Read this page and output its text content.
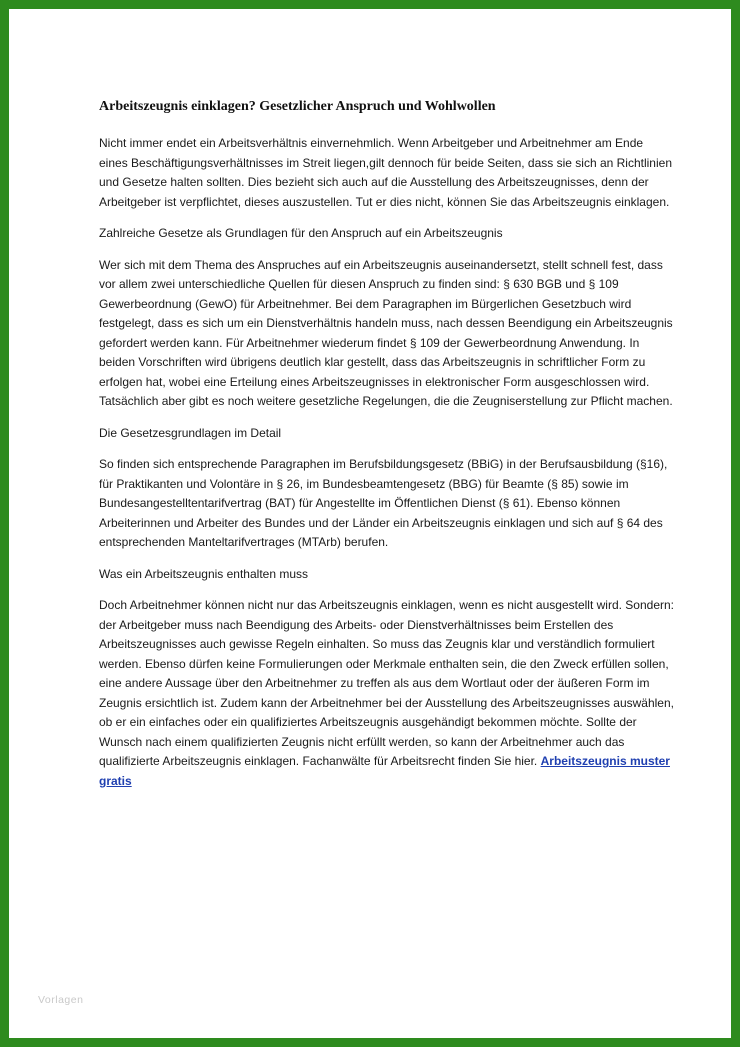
Arbeitszeugnis einklagen? Gesetzlicher Anspruch und Wohlwollen

Nicht immer endet ein Arbeitsverhältnis einvernehmlich. Wenn Arbeitgeber und Arbeitnehmer am Ende eines Beschäftigungsverhältnisses im Streit liegen,gilt dennoch für beide Seiten, dass sie sich an Richtlinien und Gesetze halten sollten. Dies bezieht sich auch auf die Ausstellung des Arbeitszeugnisses, denn der Arbeitgeber ist verpflichtet, dieses auszustellen. Tut er dies nicht, können Sie das Arbeitszeugnis einklagen.

Zahlreiche Gesetze als Grundlagen für den Anspruch auf ein Arbeitszeugnis

Wer sich mit dem Thema des Anspruches auf ein Arbeitszeugnis auseinandersetzt, stellt schnell fest, dass vor allem zwei unterschiedliche Quellen für diesen Anspruch zu finden sind: § 630 BGB und § 109 Gewerbeordnung (GewO) für Arbeitnehmer. Bei dem Paragraphen im Bürgerlichen Gesetzbuch wird festgelegt, dass es sich um ein Dienstverhältnis handeln muss, nach dessen Beendigung ein Arbeitszeugnis gefordert werden kann. Für Arbeitnehmer wiederum findet § 109 der Gewerbeordnung Anwendung. In beiden Vorschriften wird übrigens deutlich klar gestellt, dass das Arbeitszeugnis in schriftlicher Form zu erfolgen hat, wobei eine Erteilung eines Arbeitszeugnisses in elektronischer Form ausgeschlossen wird. Tatsächlich aber gibt es noch weitere gesetzliche Regelungen, die die Zeugniserstellung zur Pflicht machen.

Die Gesetzesgrundlagen im Detail

So finden sich entsprechende Paragraphen im Berufsbildungsgesetz (BBiG) in der Berufsausbildung (§16), für Praktikanten und Volontäre in § 26, im Bundesbeamtengesetz (BBG) für Beamte (§ 85) sowie im Bundesangestelltentarifvertrag (BAT) für Angestellte im Öffentlichen Dienst (§ 61). Ebenso können Arbeiterinnen und Arbeiter des Bundes und der Länder ein Arbeitszeugnis einklagen und sich auf § 64 des entsprechenden Manteltarifvertrages (MTArb) berufen.

Was ein Arbeitszeugnis enthalten muss

Doch Arbeitnehmer können nicht nur das Arbeitszeugnis einklagen, wenn es nicht ausgestellt wird. Sondern: der Arbeitgeber muss nach Beendigung des Arbeits- oder Dienstverhältnisses beim Erstellen des Arbeitszeugnisses auch gewisse Regeln einhalten. So muss das Zeugnis klar und verständlich formuliert werden. Ebenso dürfen keine Formulierungen oder Merkmale enthalten sein, die den Zweck erfüllen sollen, eine andere Aussage über den Arbeitnehmer zu treffen als aus dem Wortlaut oder der äußeren Form im Zeugnis ersichtlich ist. Zudem kann der Arbeitnehmer bei der Ausstellung des Arbeitszeugnisses auswählen, ob er ein einfaches oder ein qualifiziertes Arbeitszeugnis ausgehändigt bekommen möchte. Sollte der Wunsch nach einem qualifizierten Zeugnis nicht erfüllt werden, so kann der Arbeitnehmer auch das qualifizierte Arbeitszeugnis einklagen. Fachanwälte für Arbeitsrecht finden Sie hier. Arbeitszeugnis muster gratis

Vorlagen
